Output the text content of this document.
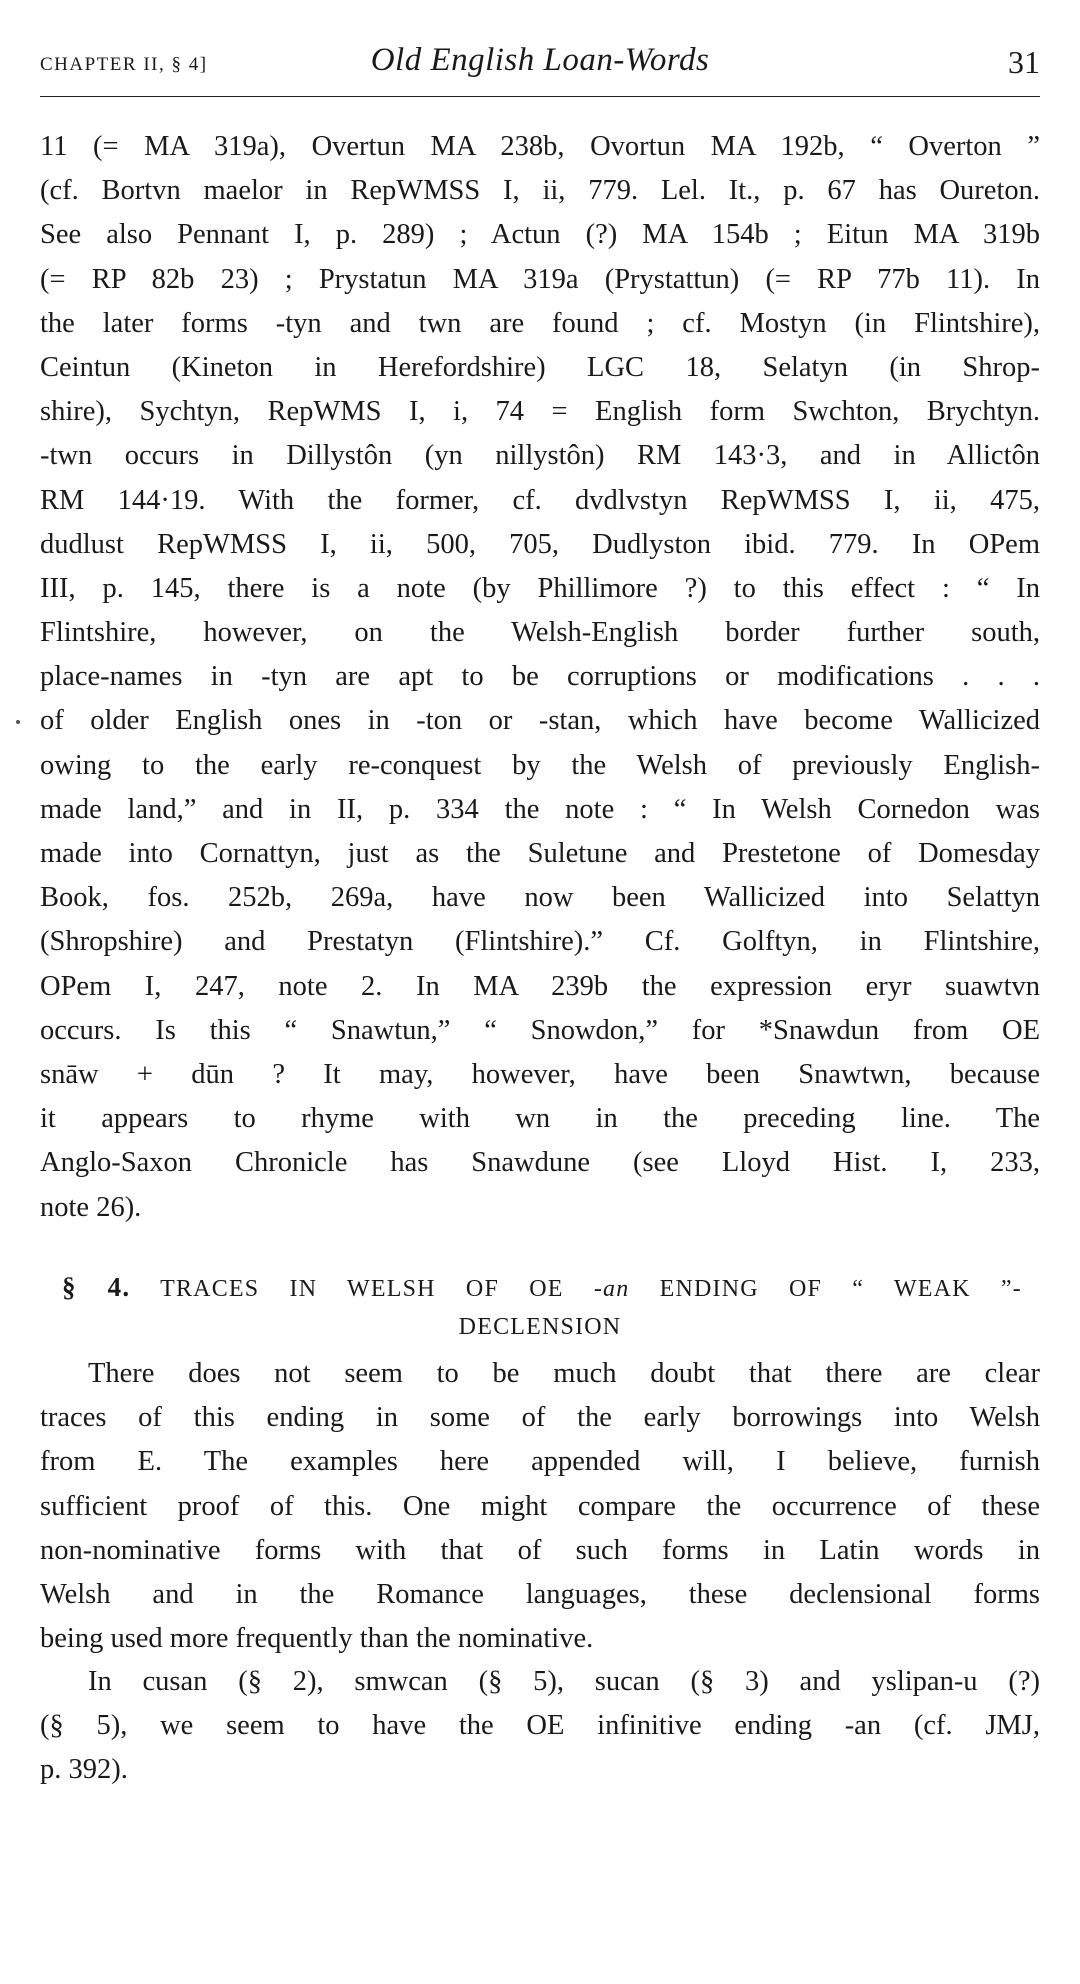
CHAPTER II, § 4]	Old English Loan-Words	31
11 (= MA 319a), Overtun MA 238b, Ovortun MA 192b, “ Overton ”
(cf. Bortvn maelor in RepWMSS I, ii, 779. Lel. It., p. 67 has Oureton.
See also Pennant I, p. 289) ; Actun (?) MA 154b ; Eitun MA 319b
(= RP 82b 23) ; Prystatun MA 319a (Prystattun) (= RP 77b 11). In
the later forms -tyn and twn are found ; cf. Mostyn (in Flintshire),
Ceintun (Kineton in Herefordshire) LGC 18, Selatyn (in Shrop-
shire), Sychtyn, RepWMS I, i, 74 = English form Swchton, Brychtyn.
-twn occurs in Dillystôn (yn nillystôn) RM 143·3, and in Allictôn
RM 144·19. With the former, cf. dvdlvstyn RepWMSS I, ii, 475,
dudlust RepWMSS I, ii, 500, 705, Dudlyston ibid. 779. In OPem
III, p. 145, there is a note (by Phillimore ?) to this effect : “ In
Flintshire, however, on the Welsh-English border further south,
place-names in -tyn are apt to be corruptions or modifications . . .
of older English ones in -ton or -stan, which have become Wallicized
owing to the early re-conquest by the Welsh of previously English-
made land,” and in II, p. 334 the note : “ In Welsh Cornedon was
made into Cornattyn, just as the Suletune and Prestetone of Domesday
Book, fos. 252b, 269a, have now been Wallicized into Selattyn
(Shropshire) and Prestatyn (Flintshire).” Cf. Golftyn, in Flintshire,
OPem I, 247, note 2. In MA 239b the expression eryr suawtvn
occurs. Is this “ Snawtun,” “ Snowdon,” for *Snawdun from OE
snāw + dūn ? It may, however, have been Snawtwn, because
it appears to rhyme with wn in the preceding line. The
Anglo-Saxon Chronicle has Snawdune (see Lloyd Hist. I, 233,
note 26).
§ 4. TRACES IN WELSH OF OE -an ENDING OF “ WEAK ”-
DECLENSION
There does not seem to be much doubt that there are clear
traces of this ending in some of the early borrowings into Welsh
from E. The examples here appended will, I believe, furnish
sufficient proof of this. One might compare the occurrence of these
non-nominative forms with that of such forms in Latin words in
Welsh and in the Romance languages, these declensional forms
being used more frequently than the nominative.
In cusan (§ 2), smwcan (§ 5), sucan (§ 3) and yslipan-u (?)
(§ 5), we seem to have the OE infinitive ending -an (cf. JMJ,
p. 392).
